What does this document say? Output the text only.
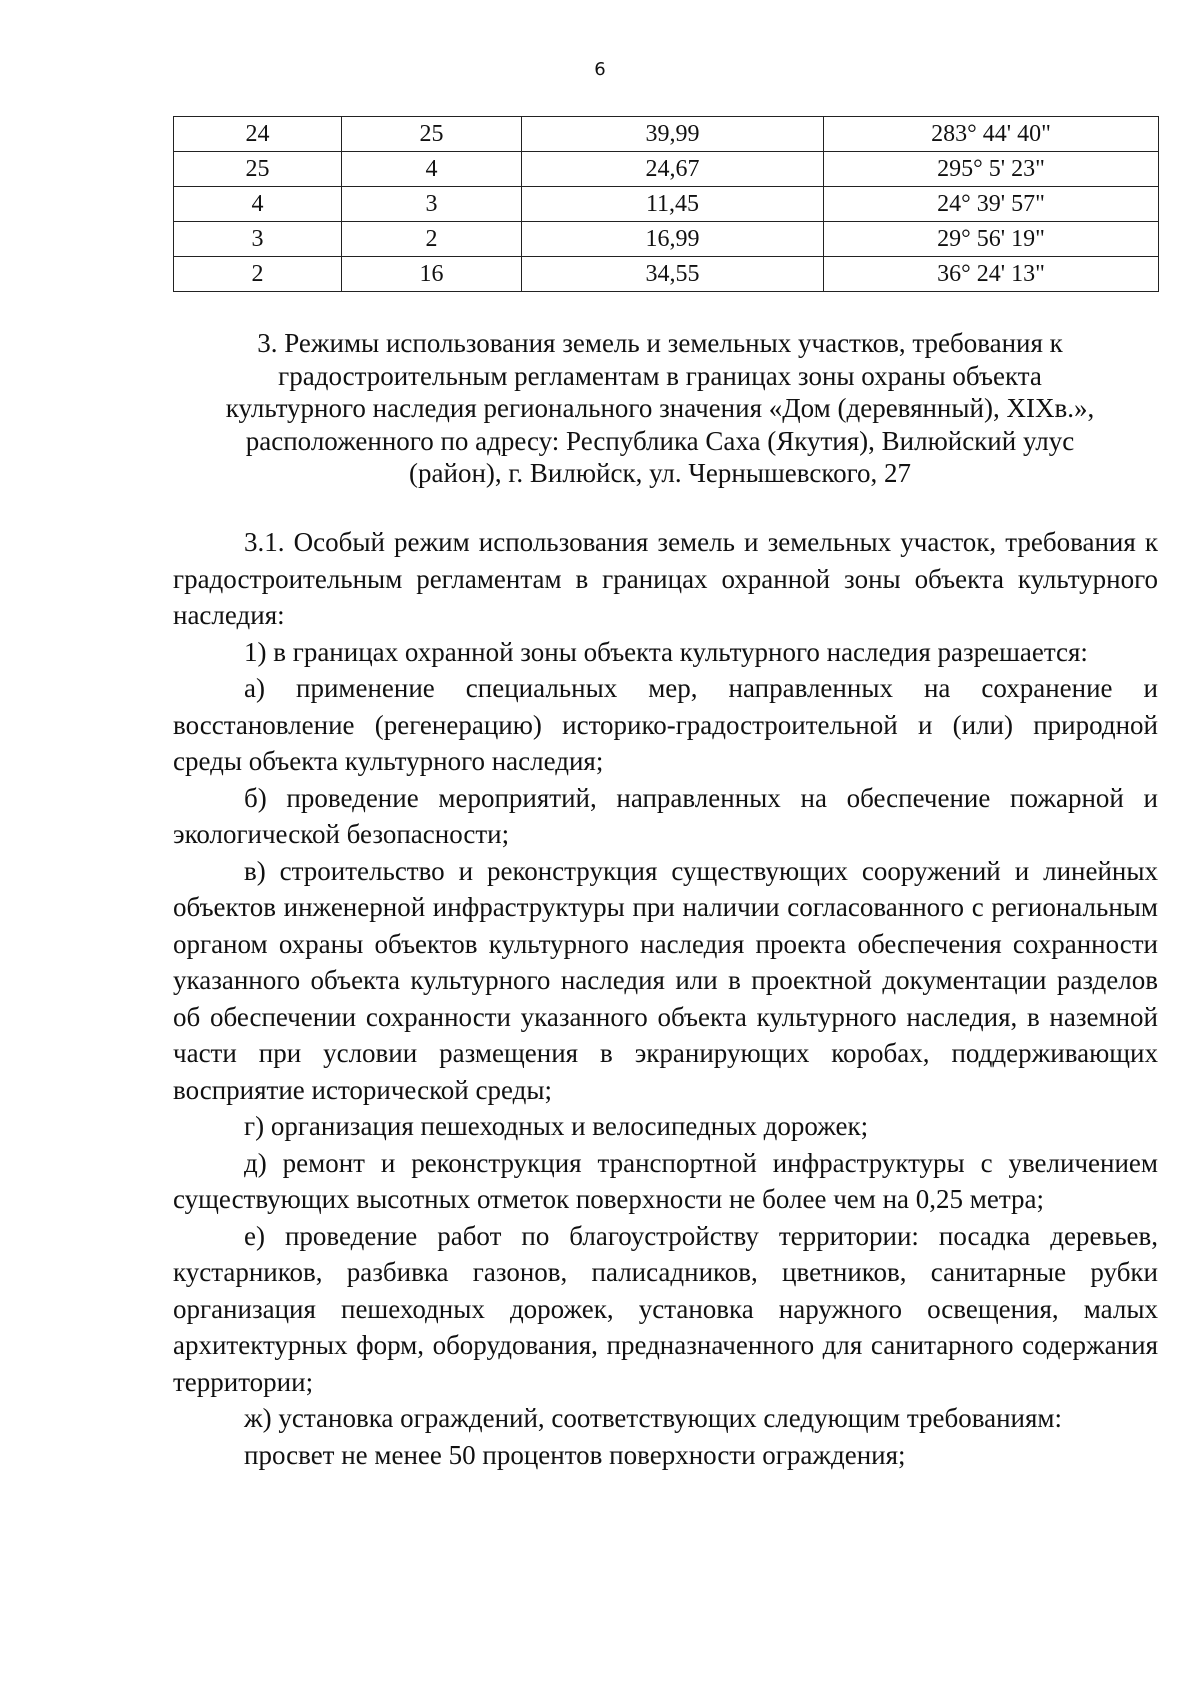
6
24	25	39,99	283° 44' 40"
25	4	24,67	295° 5' 23"
4	3	11,45	24° 39' 57"
3	2	16,99	29° 56' 19"
2	16	34,55	36° 24' 13"
3. Режимы использования земель и земельных участков, требования к
градостроительным регламентам в границах зоны охраны объекта
культурного наследия регионального значения «Дом (деревянный), XIXв.»,
расположенного по адресу: Республика Саха (Якутия), Вилюйский улус
(район), г. Вилюйск, ул. Чернышевского, 27

3.1. Особый режим использования земель и земельных участок, требования к градостроительным регламентам в границах охранной зоны объекта культурного наследия:

1) в границах охранной зоны объекта культурного наследия разрешается:

а) применение специальных мер, направленных на сохранение и восстановление (регенерацию) историко-градостроительной и (или) природной среды объекта культурного наследия;

б) проведение мероприятий, направленных на обеспечение пожарной и экологической безопасности;

в) строительство и реконструкция существующих сооружений и линейных объектов инженерной инфраструктуры при наличии согласованного с региональным органом охраны объектов культурного наследия проекта обеспечения сохранности указанного объекта культурного наследия или в проектной документации разделов об обеспечении сохранности указанного объекта культурного наследия, в наземной части при условии размещения в экранирующих коробах, поддерживающих восприятие исторической среды;

г) организация пешеходных и велосипедных дорожек;

д) ремонт и реконструкция транспортной инфраструктуры с увеличением существующих высотных отметок поверхности не более чем на 0,25 метра;

е) проведение работ по благоустройству территории: посадка деревьев, кустарников, разбивка газонов, палисадников, цветников, санитарные рубки организация пешеходных дорожек, установка наружного освещения, малых архитектурных форм, оборудования, предназначенного для санитарного содержания территории;

ж) установка ограждений, соответствующих следующим требованиям:

просвет не менее 50 процентов поверхности ограждения;
